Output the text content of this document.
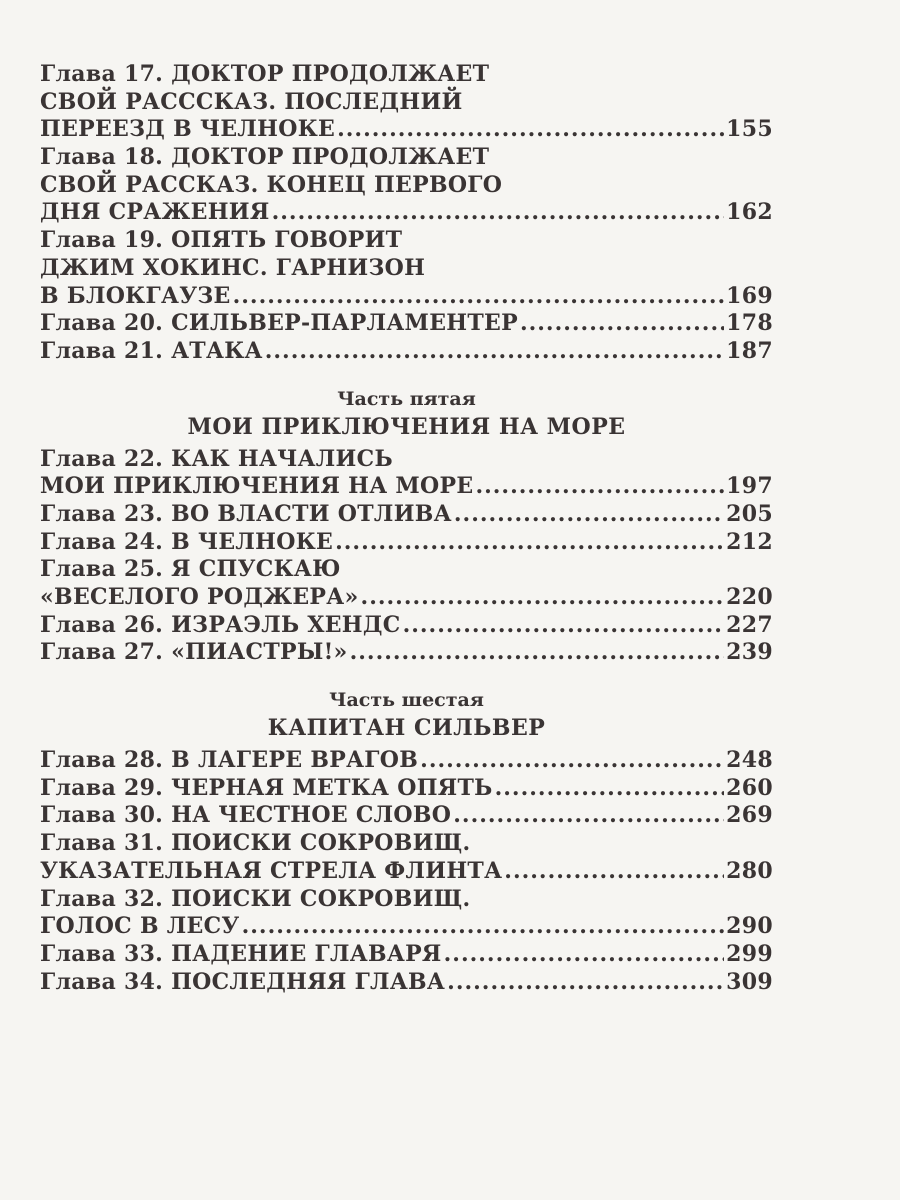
Глава 17. ДОКТОР ПРОДОЛЖАЕТ
СВОЙ РАССCКАЗ. ПОСЛЕДНИЙ
ПЕРЕЕЗД В ЧЕЛНОКЕ .....	155
Глава 18. ДОКТОР ПРОДОЛЖАЕТ
СВОЙ РАССКАЗ. КОНЕЦ ПЕРВОГО
ДНЯ СРАЖЕНИЯ .....	162
Глава 19. ОПЯТЬ ГОВОРИТ
ДЖИМ ХОКИНС. ГАРНИЗОН
В БЛОКГАУЗЕ .....	169
Глава 20. СИЛЬВЕР-ПАРЛАМЕНТЕР .....	178
Глава 21. АТАКА .....	187
Часть пятая
МОИ ПРИКЛЮЧЕНИЯ НА МОРЕ
Глава 22. КАК НАЧАЛИСЬ
МОИ ПРИКЛЮЧЕНИЯ НА МОРЕ .....	197
Глава 23. ВО ВЛАСТИ ОТЛИВА .....	205
Глава 24. В ЧЕЛНОКЕ .....	212
Глава 25. Я СПУСКАЮ
«ВЕСЕЛОГО РОДЖЕРА» .....	220
Глава 26. ИЗРАЭЛЬ ХЕНДС .....	227
Глава 27. «ПИАСТРЫ!» .....	239
Часть шестая
КАПИТАН СИЛЬВЕР
Глава 28. В ЛАГЕРЕ ВРАГОВ .....	248
Глава 29. ЧЕРНАЯ МЕТКА ОПЯТЬ .....	260
Глава 30. НА ЧЕСТНОЕ СЛОВО .....	269
Глава 31. ПОИСКИ СОКРОВИЩ.
УКАЗАТЕЛЬНАЯ СТРЕЛА ФЛИНТА .....	280
Глава 32. ПОИСКИ СОКРОВИЩ.
ГОЛОС В ЛЕСУ .....	290
Глава 33. ПАДЕНИЕ ГЛАВАРЯ .....	299
Глава 34. ПОСЛЕДНЯЯ ГЛАВА .....	309
